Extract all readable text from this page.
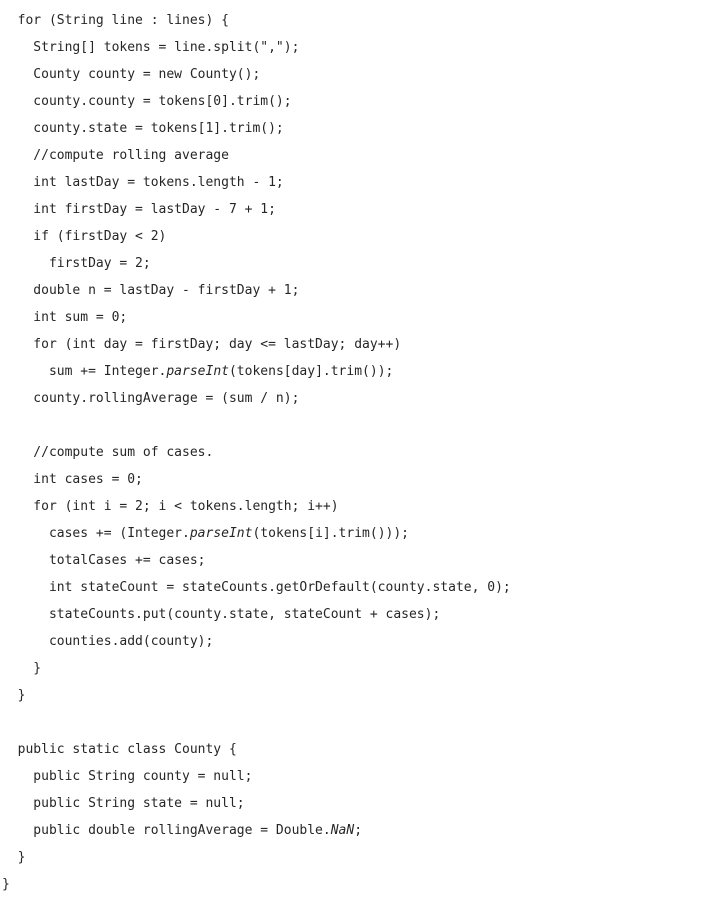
for (String line : lines) {
String[] tokens = line.split(",");
County county = new County();
county.county = tokens[0].trim();
county.state = tokens[1].trim();
//compute rolling average
int lastDay = tokens.length - 1;
int firstDay = lastDay - 7 + 1;
if (firstDay < 2)
firstDay = 2;
double n = lastDay - firstDay + 1;
int sum = 0;
for (int day = firstDay; day <= lastDay; day++)
sum += Integer.parseInt(tokens[day].trim());
county.rollingAverage = (sum / n);

//compute sum of cases.
int cases = 0;
for (int i = 2; i < tokens.length; i++)
cases += (Integer.parseInt(tokens[i].trim()));
totalCases += cases;
int stateCount = stateCounts.getOrDefault(county.state, 0);
stateCounts.put(county.state, stateCount + cases);
counties.add(county);
}
}

public static class County {
public String county = null;
public String state = null;
public double rollingAverage = Double.NaN;
}
}
